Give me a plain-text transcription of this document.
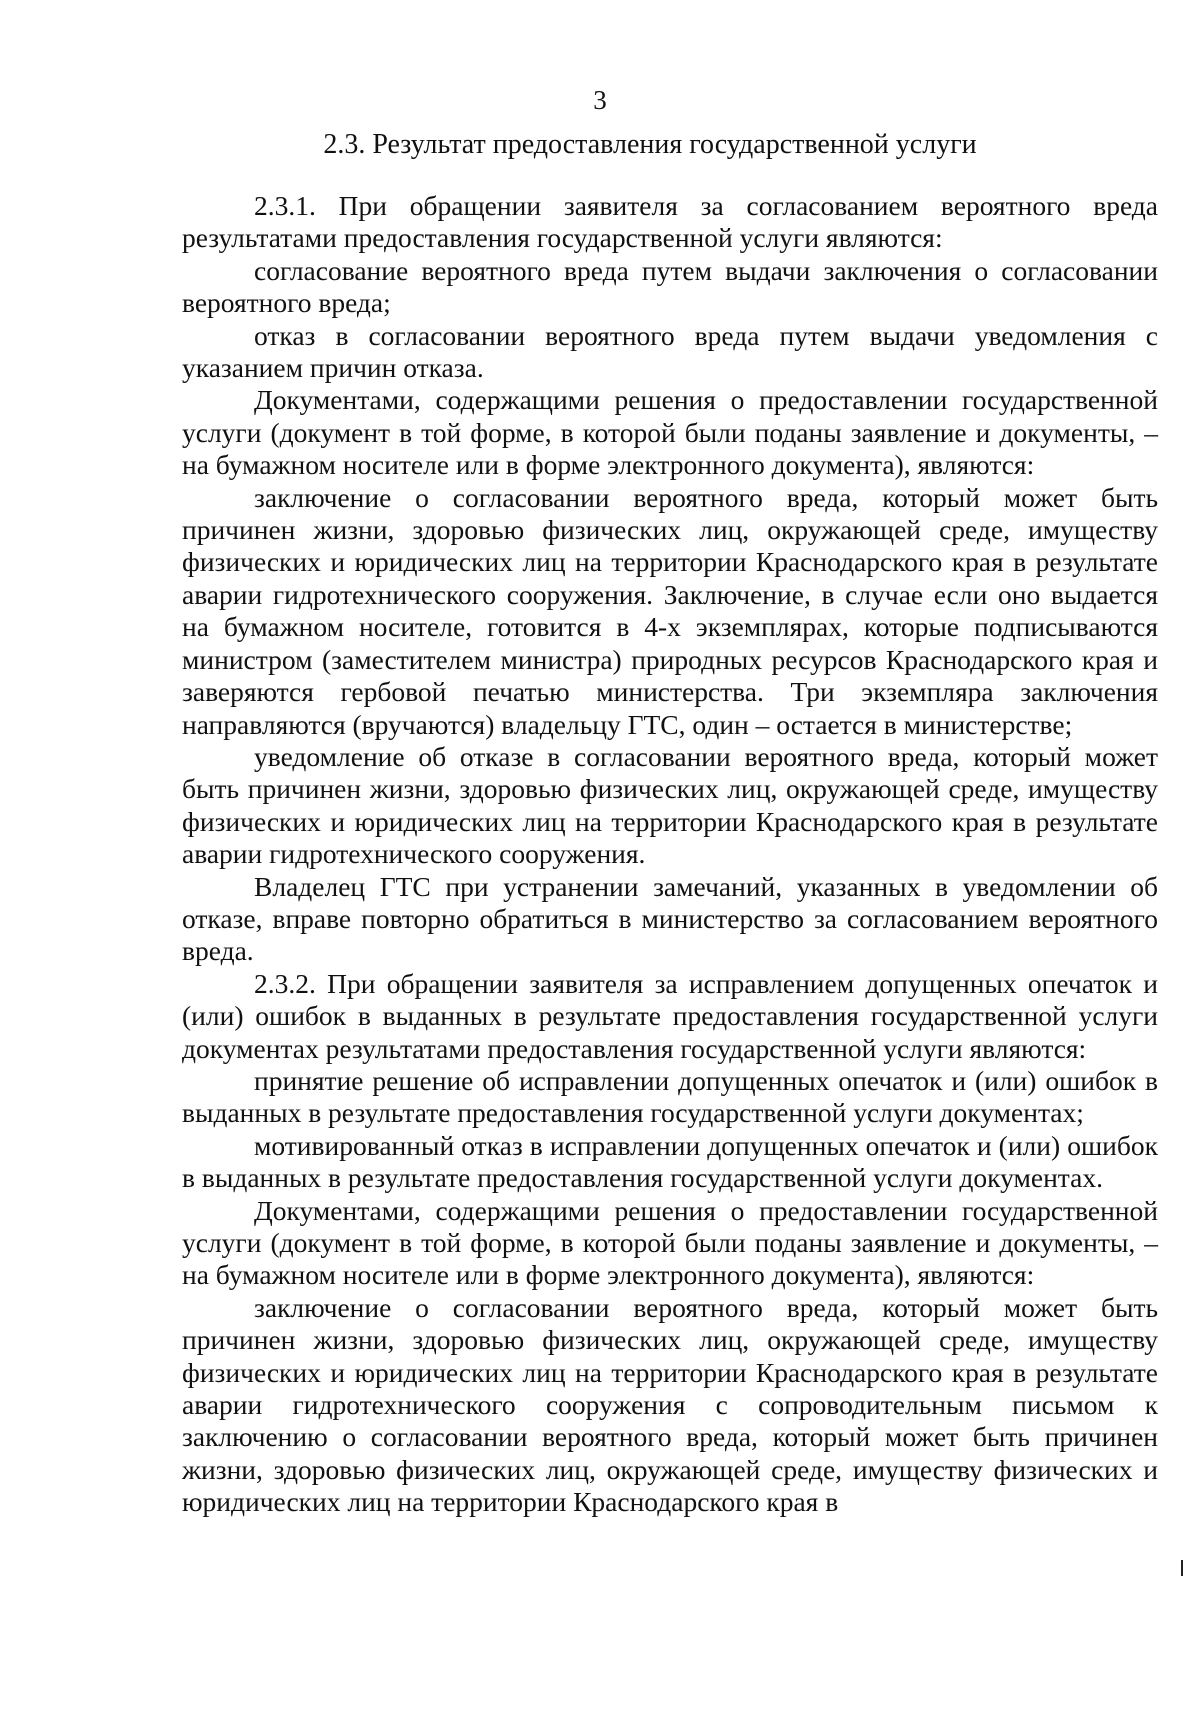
3
2.3. Результат предоставления государственной услуги

2.3.1. При обращении заявителя за согласованием вероятного вреда результатами предоставления государственной услуги являются:

согласование вероятного вреда путем выдачи заключения о согласовании вероятного вреда;

отказ в согласовании вероятного вреда путем выдачи уведомления с указанием причин отказа.

Документами, содержащими решения о предоставлении государственной услуги (документ в той форме, в которой были поданы заявление и документы, – на бумажном носителе или в форме электронного документа), являются:

заключение о согласовании вероятного вреда, который может быть причинен жизни, здоровью физических лиц, окружающей среде, имуществу физических и юридических лиц на территории Краснодарского края в результате аварии гидротехнического сооружения. Заключение, в случае если оно выдается на бумажном носителе, готовится в 4-х экземплярах, которые подписываются министром (заместителем министра) природных ресурсов Краснодарского края и заверяются гербовой печатью министерства. Три экземпляра заключения направляются (вручаются) владельцу ГТС, один – остается в министерстве;

уведомление об отказе в согласовании вероятного вреда, который может быть причинен жизни, здоровью физических лиц, окружающей среде, имуществу физических и юридических лиц на территории Краснодарского края в результате аварии гидротехнического сооружения.

Владелец ГТС при устранении замечаний, указанных в уведомлении об отказе, вправе повторно обратиться в министерство за согласованием вероятного вреда.

2.3.2. При обращении заявителя за исправлением допущенных опечаток и (или) ошибок в выданных в результате предоставления государственной услуги документах результатами предоставления государственной услуги являются:

принятие решение об исправлении допущенных опечаток и (или) ошибок в выданных в результате предоставления государственной услуги документах;

мотивированный отказ в исправлении допущенных опечаток и (или) ошибок в выданных в результате предоставления государственной услуги документах.

Документами, содержащими решения о предоставлении государственной услуги (документ в той форме, в которой были поданы заявление и документы, – на бумажном носителе или в форме электронного документа), являются:

заключение о согласовании вероятного вреда, который может быть причинен жизни, здоровью физических лиц, окружающей среде, имуществу физических и юридических лиц на территории Краснодарского края в результате аварии гидротехнического сооружения с сопроводительным письмом к заключению о согласовании вероятного вреда, который может быть причинен жизни, здоровью физических лиц, окружающей среде, имуществу физических и юридических лиц на территории Краснодарского края в
